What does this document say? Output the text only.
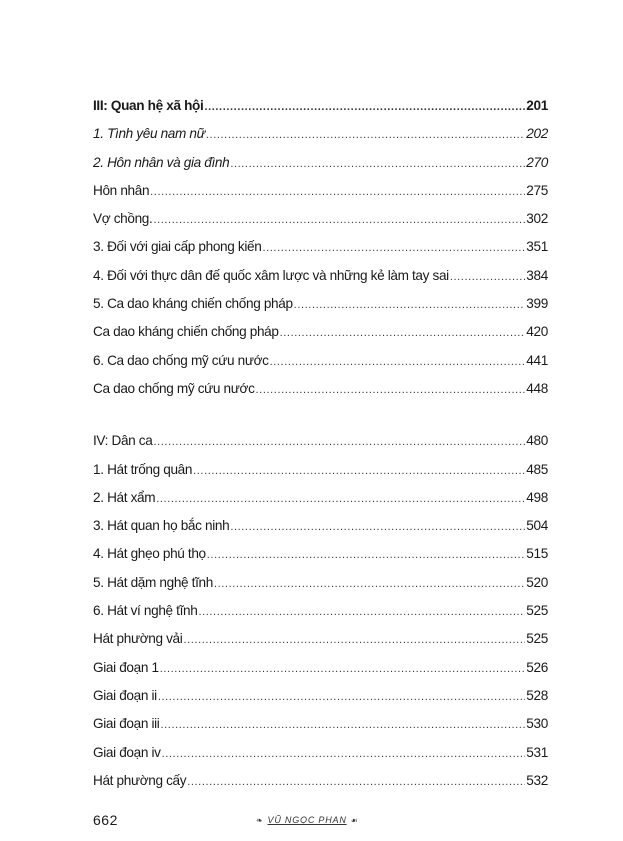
III: Quan hệ xã hội .....	201
1. Tình yêu nam nữ .....	202
2. Hôn nhân và gia đình .....	270
Hôn nhân .....	275
Vợ chồng. .....	302
3. Đối với giai cấp phong kiến .....	351
4. Đối với thực dân đế quốc xâm lược và những kẻ làm tay sai .....	384
5. Ca dao kháng chiến chống pháp .....	399
Ca dao kháng chiến chống pháp .....	420
6. Ca dao chống mỹ cứu nước .....	441
Ca dao chống mỹ cứu nước .....	448
IV: Dân ca .....	480
1. Hát trống quân .....	485
2. Hát xẩm .....	498
3. Hát quan họ bắc ninh .....	504
4. Hát ghẹo phú thọ .....	515
5. Hát dặm nghệ tĩnh .....	520
6. Hát ví nghệ tĩnh .....	525
Hát phường vải .....	525
Giai đoạn 1 .....	526
Giai đoạn ii .....	528
Giai đoạn iii .....	530
Giai đoạn iv .....	531
Hát phường cấy .....	532
662	❧ VŨ NGỌC PHAN ☙
